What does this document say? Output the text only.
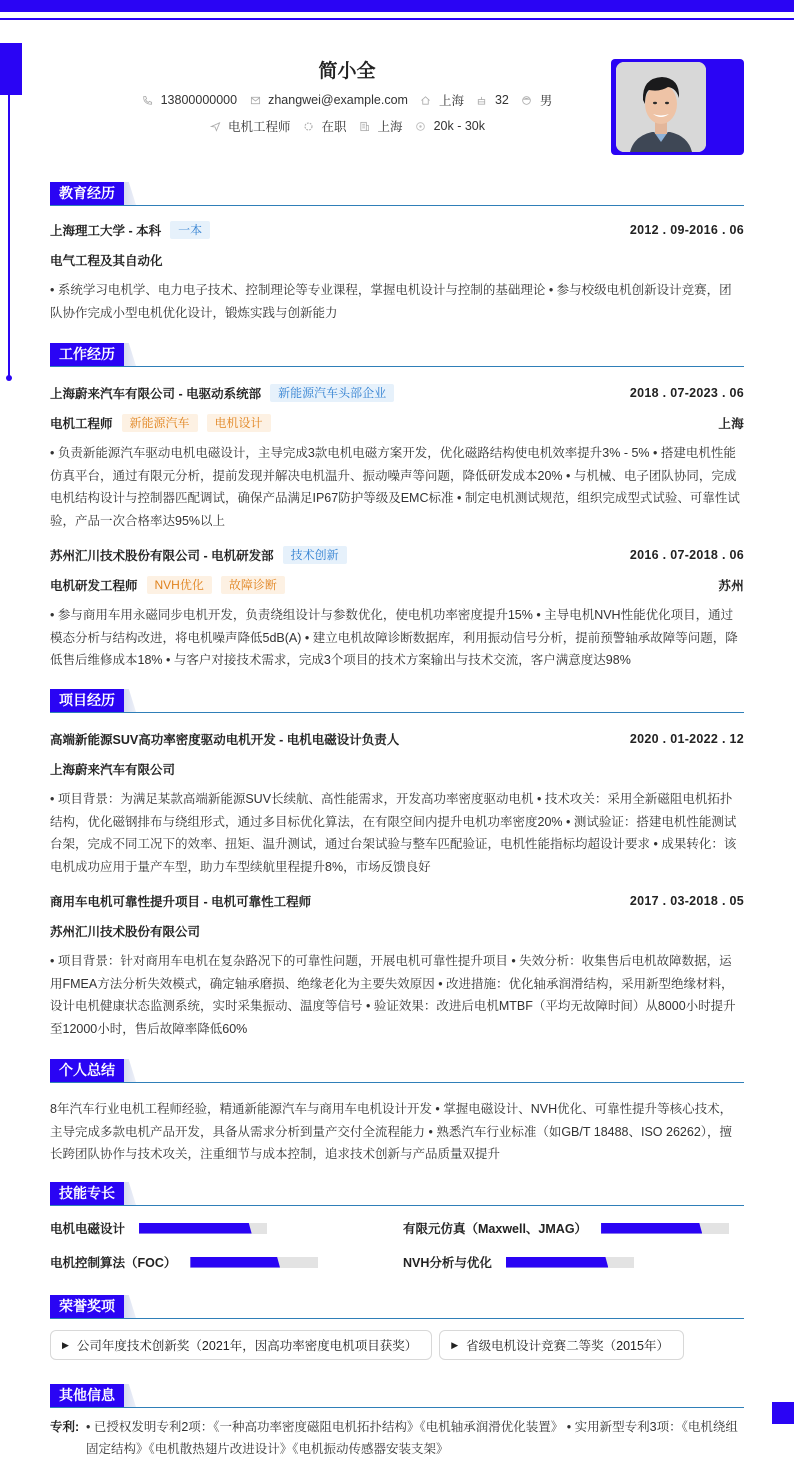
简小全
13800000000 zhangwei@example.com 上海 32 男
电机工程师 在职 上海 20k - 30k
教育经历
上海理工大学 - 本科	一本	2012 . 09-2016 . 06
电气工程及其自动化
• 系统学习电机学、电力电子技术、控制理论等专业课程，掌握电机设计与控制的基础理论 • 参与校级电机创新设计竞赛，团队协作完成小型电机优化设计，锻炼实践与创新能力
工作经历
上海蔚来汽车有限公司 - 电驱动系统部	新能源汽车头部企业	2018 . 07-2023 . 06
电机工程师	新能源汽车	电机设计	上海
• 负责新能源汽车驱动电机电磁设计，主导完成3款电机电磁方案开发，优化磁路结构使电机效率提升3% - 5% • 搭建电机性能仿真平台，通过有限元分析，提前发现并解决电机温升、振动噪声等问题，降低研发成本20% • 与机械、电子团队协同，完成电机结构设计与控制器匹配调试，确保产品满足IP67防护等级及EMC标准 • 制定电机测试规范，组织完成型式试验、可靠性试验，产品一次合格率达95%以上
苏州汇川技术股份有限公司 - 电机研发部	技术创新	2016 . 07-2018 . 06
电机研发工程师	NVH优化	故障诊断	苏州
• 参与商用车用永磁同步电机开发，负责绕组设计与参数优化，使电机功率密度提升15% • 主导电机NVH性能优化项目，通过模态分析与结构改进，将电机噪声降低5dB(A) • 建立电机故障诊断数据库，利用振动信号分析，提前预警轴承故障等问题，降低售后维修成本18% • 与客户对接技术需求，完成3个项目的技术方案输出与技术交流，客户满意度达98%
项目经历
高端新能源SUV高功率密度驱动电机开发 - 电机电磁设计负责人	2020 . 01-2022 . 12
上海蔚来汽车有限公司
• 项目背景：为满足某款高端新能源SUV长续航、高性能需求，开发高功率密度驱动电机 • 技术攻关：采用全新磁阻电机拓扑结构，优化磁钢排布与绕组形式，通过多目标优化算法，在有限空间内提升电机功率密度20% • 测试验证：搭建电机性能测试台架，完成不同工况下的效率、扭矩、温升测试，通过台架试验与整车匹配验证，电机性能指标均超设计要求 • 成果转化：该电机成功应用于量产车型，助力车型续航里程提升8%，市场反馈良好
商用车电机可靠性提升项目 - 电机可靠性工程师	2017 . 03-2018 . 05
苏州汇川技术股份有限公司
• 项目背景：针对商用车电机在复杂路况下的可靠性问题，开展电机可靠性提升项目 • 失效分析：收集售后电机故障数据，运用FMEA方法分析失效模式，确定轴承磨损、绝缘老化为主要失效原因 • 改进措施：优化轴承润滑结构，采用新型绝缘材料，设计电机健康状态监测系统，实时采集振动、温度等信号 • 验证效果：改进后电机MTBF（平均无故障时间）从8000小时提升至12000小时，售后故障率降低60%
个人总结
8年汽车行业电机工程师经验，精通新能源汽车与商用车电机设计开发 • 掌握电磁设计、NVH优化、可靠性提升等核心技术，主导完成多款电机产品开发，具备从需求分析到量产交付全流程能力 • 熟悉汽车行业标准（如GB/T 18488、ISO 26262），擅长跨团队协作与技术攻关，注重细节与成本控制，追求技术创新与产品质量双提升
技能专长
电机电磁设计	有限元仿真（Maxwell、JMAG）
电机控制算法（FOC）	NVH分析与优化
荣誉奖项
▶ 公司年度技术创新奖（2021年，因高功率密度电机项目获奖）	▶ 省级电机设计竞赛二等奖（2015年）
其他信息
专利: • 已授权发明专利2项：《一种高功率密度磁阻电机拓扑结构》《电机轴承润滑优化装置》 • 实用新型专利3项：《电机绕组固定结构》《电机散热翅片改进设计》《电机振动传感器安装支架》
